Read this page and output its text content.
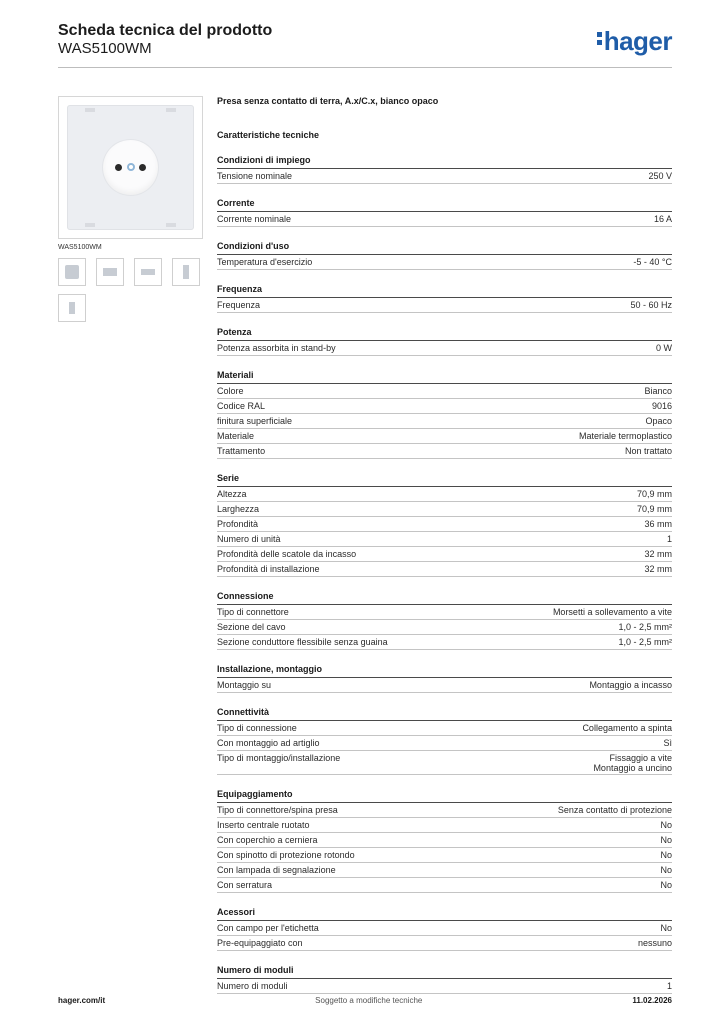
Scheda tecnica del prodotto
WAS5100WM	hager
WAS5100WM
Presa senza contatto di terra, A.x/C.x, bianco opaco
Caratteristiche tecniche
Condizioni di impiego
Tensione nominale	250 V
Corrente
Corrente nominale	16 A
Condizioni d'uso
Temperatura d'esercizio	-5 - 40 °C
Frequenza
Frequenza	50 - 60 Hz
Potenza
Potenza assorbita in stand-by	0 W
Materiali
Colore	Bianco
Codice RAL	9016
finitura superficiale	Opaco
Materiale	Materiale termoplastico
Trattamento	Non trattato
Serie
Altezza	70,9 mm
Larghezza	70,9 mm
Profondità	36 mm
Numero di unità	1
Profondità delle scatole da incasso	32 mm
Profondità di installazione	32 mm
Connessione
Tipo di connettore	Morsetti a sollevamento a vite
Sezione del cavo	1,0 - 2,5 mm²
Sezione conduttore flessibile senza guaina	1,0 - 2,5 mm²
Installazione, montaggio
Montaggio su	Montaggio a incasso
Connettività
Tipo di connessione	Collegamento a spinta
Con montaggio ad artiglio	Sì
Tipo di montaggio/installazione	Fissaggio a vite
Montaggio a uncino
Equipaggiamento
Tipo di connettore/spina presa	Senza contatto di protezione
Inserto centrale ruotato	No
Con coperchio a cerniera	No
Con spinotto di protezione rotondo	No
Con lampada di segnalazione	No
Con serratura	No
Acessori
Con campo per l'etichetta	No
Pre-equipaggiato con	nessuno
Numero di moduli
Numero di moduli	1
hager.com/it	Soggetto a modifiche tecniche	11.02.2026
